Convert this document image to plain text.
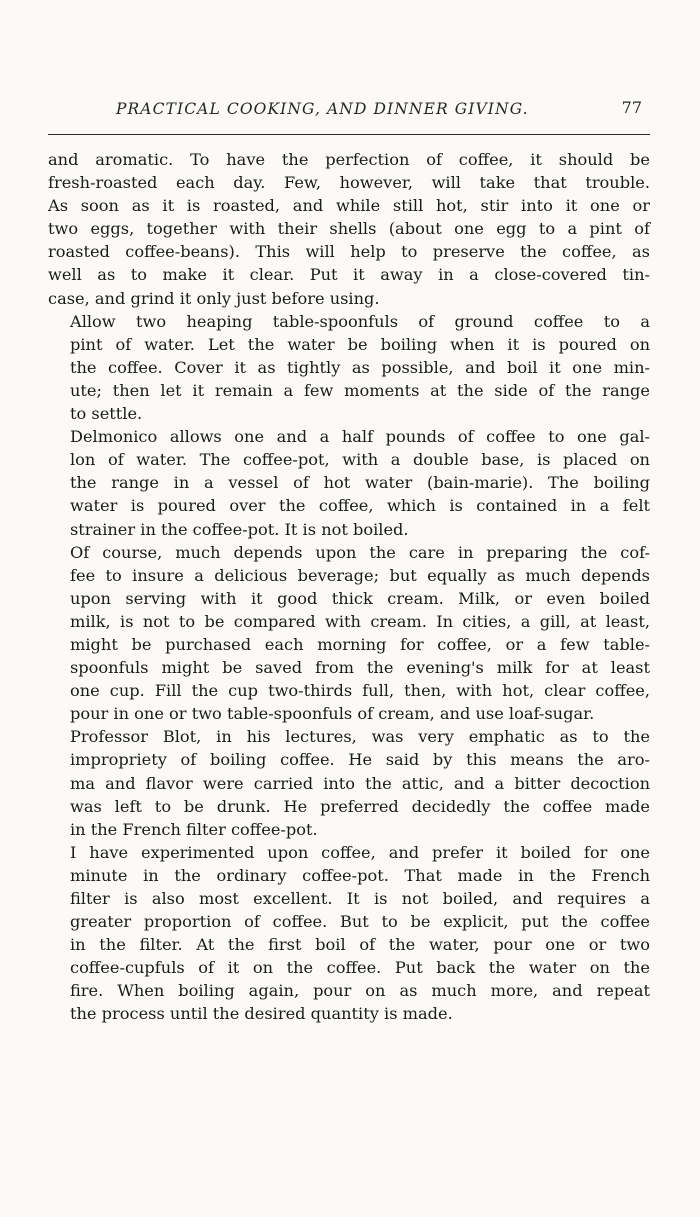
PRACTICAL COOKING, AND DINNER GIVING.	77

and aromatic. To have the perfection of coffee, it should be
fresh-roasted each day. Few, however, will take that trouble.
As soon as it is roasted, and while still hot, stir into it one or
two eggs, together with their shells (about one egg to a pint of
roasted coffee-beans). This will help to preserve the coffee, as
well as to make it clear. Put it away in a close-covered tin-
case, and grind it only just before using.

Allow two heaping table-spoonfuls of ground coffee to a
pint of water. Let the water be boiling when it is poured on
the coffee. Cover it as tightly as possible, and boil it one min-
ute; then let it remain a few moments at the side of the range
to settle.

Delmonico allows one and a half pounds of coffee to one gal-
lon of water. The coffee-pot, with a double base, is placed on
the range in a vessel of hot water (bain-marie). The boiling
water is poured over the coffee, which is contained in a felt
strainer in the coffee-pot. It is not boiled.

Of course, much depends upon the care in preparing the cof-
fee to insure a delicious beverage; but equally as much depends
upon serving with it good thick cream. Milk, or even boiled
milk, is not to be compared with cream. In cities, a gill, at least,
might be purchased each morning for coffee, or a few table-
spoonfuls might be saved from the evening's milk for at least
one cup. Fill the cup two-thirds full, then, with hot, clear coffee,
pour in one or two table-spoonfuls of cream, and use loaf-sugar.

Professor Blot, in his lectures, was very emphatic as to the
impropriety of boiling coffee. He said by this means the aro-
ma and flavor were carried into the attic, and a bitter decoction
was left to be drunk. He preferred decidedly the coffee made
in the French filter coffee-pot.

I have experimented upon coffee, and prefer it boiled for one
minute in the ordinary coffee-pot. That made in the French
filter is also most excellent. It is not boiled, and requires a
greater proportion of coffee. But to be explicit, put the coffee
in the filter. At the first boil of the water, pour one or two
coffee-cupfuls of it on the coffee. Put back the water on the
fire. When boiling again, pour on as much more, and repeat
the process until the desired quantity is made.
